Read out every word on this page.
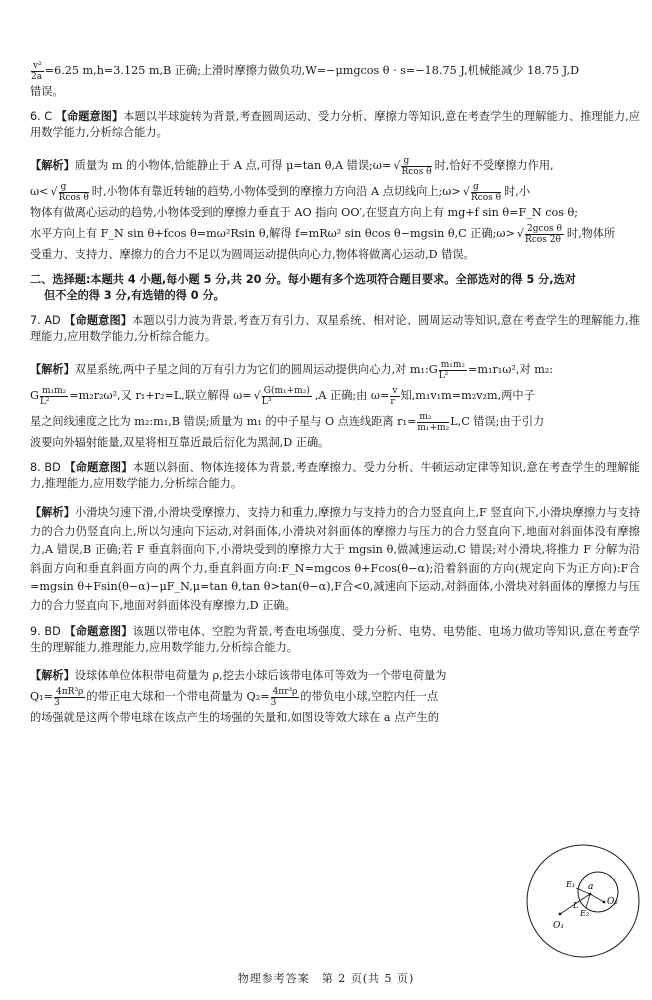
$\frac{\text{v²}}{2a} =6.25$ m,h=3.125 m,B 正确;上滑时摩擦力做负功,W=−μmgcos θ · s=−18.75 J,机械能减少 18.75 J,D

错误。

6. C 【命题意图】本题以半球旋转为背景,考查圆周运动、受力分析、摩擦力等知识,意在考查学生的理解能力、推理能力,应用数学能力,分析综合能力。

【解析】质量为 m 的小物体,恰能静止于 A 点,可得 μ=tan θ,A 错误;ω= √ $\frac{g}{\text{Rcos θ}}$ 时,恰好不受摩擦力作用,

ω< √ $\frac{g}{\text{Rcos θ}}$ 时,小物体有靠近转轴的趋势,小物体受到的摩擦力方向沿 A 点切线向上;ω> √ $\frac{g}{\text{Rcos θ}}$ 时,小

物体有做离心运动的趋势,小物体受到的摩擦力垂直于 AO 指向 OO′,在竖直方向上有 mg+f sin θ=F_N cos θ;

水平方向上有 F_N sin θ+fcos θ=mω²Rsin θ,解得 f=mRω² sin θcos θ−mgsin θ,C 正确;ω> √ $\frac{\text{2gcos θ}}{Rcos 2\theta}$ 时,物体所

受重力、支持力、摩擦力的合力不足以为圆周运动提供向心力,物体将做离心运动,D 错误。

二、选择题:本题共 4 小题,每小题 5 分,共 20 分。每小题有多个选项符合题目要求。全部选对的得 5 分,选对

但不全的得 3 分,有选错的得 0 分。

7. AD 【命题意图】本题以引力波为背景,考查万有引力、双星系统、相对论、圆周运动等知识,意在考查学生的理解能力,推理能力,应用数学能力,分析综合能力。

【解析】双星系统,两中子星之间的万有引力为它们的圆周运动提供向心力,对 m₁:G $\frac{\text{m₁m₂}}{\text{L²}} =m_1r_1\omega^2$,对 m₂:

G $\frac{\text{m₁m₂}}{\text{L²}} =m_2r_2\omega^2$,又 r₁+r₂=L,联立解得 ω= √ $\frac{\text{G(m₁+m₂)}}{\text{L³}} ,A$ 正确;由 $\omega= \frac{v}{r}$ 知,m₁v₁m=m₂v₂m,两中子

星之间线速度之比为 m₂:m₁,B 错误;质量为 m₁ 的中子星与 O 点连线距离 $r_1= \frac{\text{m₂}}{\text{m₁+m₂}} L,C$ 错误;由于引力

波要向外辐射能量,双星将相互靠近最后衍化为黑洞,D 正确。

8. BD 【命题意图】本题以斜面、物体连接体为背景,考查摩擦力、受力分析、牛顿运动定律等知识,意在考查学生的理解能力,推理能力,应用数学能力,分析综合能力。

【解析】小滑块匀速下滑,小滑块受摩擦力、支持力和重力,摩擦力与支持力的合力竖直向上,F 竖直向下,小滑块摩擦力与支持力的合力仍竖直向上,所以匀速向下运动,对斜面体,小滑块对斜面体的摩擦力与压力的合力竖直向下,地面对斜面体没有摩擦力,A 错误,B 正确;若 F 垂直斜面向下,小滑块受到的摩擦力大于 mgsin θ,做减速运动,C 错误;对小滑块,将推力 F 分解为沿斜面方向和垂直斜面方向的两个力,垂直斜面方向:F_N=mgcos θ+Fcos(θ−α);沿着斜面的方向(规定向下为正方向):F合=mgsin θ+Fsin(θ−α)−μF_N,μ=tan θ,tan θ>tan(θ−α),F合<0,减速向下运动,对斜面体,小滑块对斜面体的摩擦力与压力的合力竖直向下,地面对斜面体没有摩擦力,D 正确。

9. BD 【命题意图】该题以带电体、空腔为背景,考查电场强度、受力分析、电势、电势能、电场力做功等知识,意在考查学生的理解能力,推理能力,应用数学能力,分析综合能力。

【解析】设球体单位体积带电荷量为 ρ,挖去小球后该带电体可等效为一个带电荷量为

$Q_1= \frac{\text{4πR³ρ}}{3}$ 的带正电大球和一个带电荷量为 $Q_2= \frac{\text{4πr³ρ}}{3}$ 的带负电小球,空腔内任一点

的场强就是这两个带电球在该点产生的场强的矢量和,如图设等效大球在 a 点产生的

O₁
O₂
a
E₁
E₂
L
物理参考答案　第 2 页(共 5 页)
